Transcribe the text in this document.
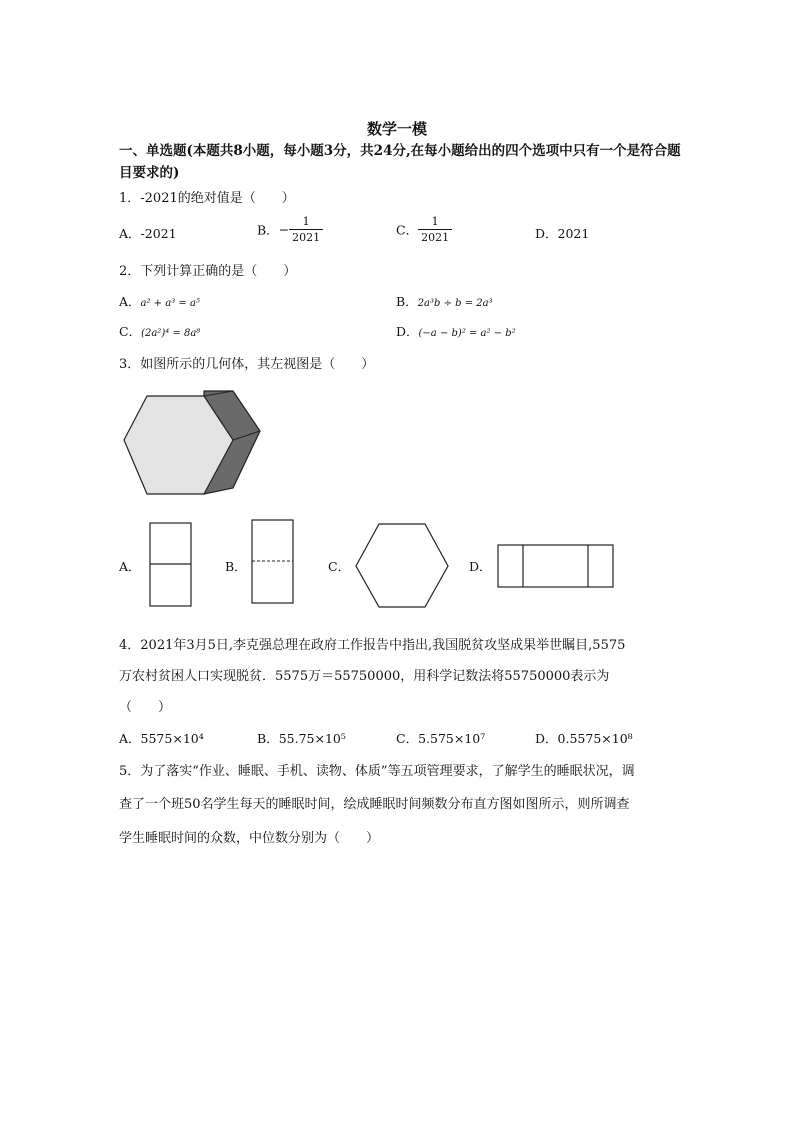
数学一模
一、单选题(本题共8小题，每小题3分，共24分,在每小题给出的四个选项中只有一个是符合题目要求的)
1．-2021的绝对值是（　　）
A．-2021	B．− $\frac{1}{2021}$	C． $\frac{1}{2021}$	D．2021
2．下列计算正确的是（　　）
A．a² + a³ = a⁵	B．2a³b ÷ b = 2a³
C．(2a²)⁴ = 8a⁸	D．(−a − b)² = a² − b²
3．如图所示的几何体，其左视图是（　　）
A．	B．	C．	D．
4．2021年3月5日,李克强总理在政府工作报告中指出,我国脱贫攻坚成果举世瞩目,5575
万农村贫困人口实现脱贫．5575万＝55750000，用科学记数法将55750000表示为
（　　）
A．5575×10⁴	B．55.75×10⁵	C．5.575×10⁷	D．0.5575×10⁸
5．为了落实“作业、睡眠、手机、读物、体质”等五项管理要求，了解学生的睡眠状况，调
查了一个班50名学生每天的睡眠时间，绘成睡眠时间频数分布直方图如图所示，则所调查
学生睡眠时间的众数，中位数分别为（　　）
